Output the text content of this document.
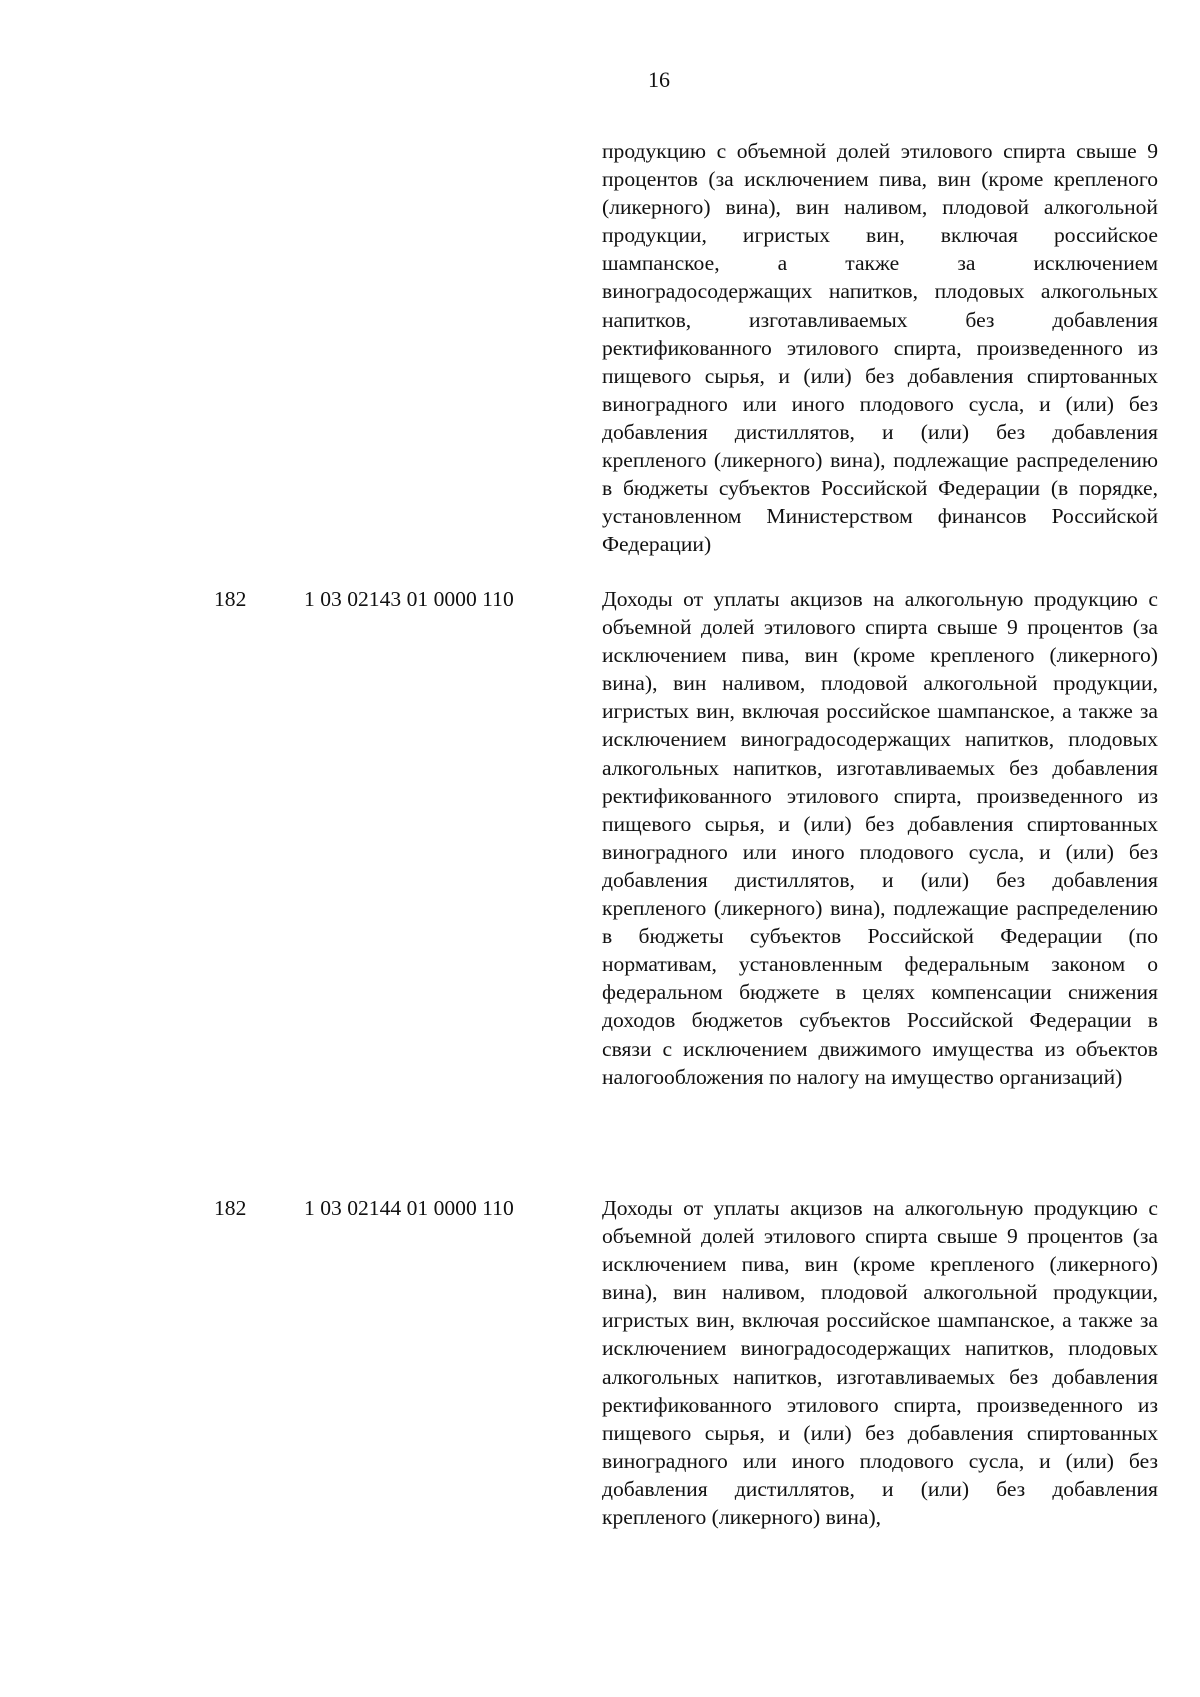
16

продукцию с объемной долей этилового спирта свыше 9 процентов (за исключением пива, вин (кроме крепленого (ликерного) вина), вин наливом, плодовой алкогольной продукции, игристых вин, включая российское шампанское, а также за исключением виноградосодержащих напитков, плодовых алкогольных напитков, изготавливаемых без добавления ректификованного этилового спирта, произведенного из пищевого сырья, и (или) без добавления спиртованных виноградного или иного плодового сусла, и (или) без добавления дистиллятов, и (или) без добавления крепленого (ликерного) вина), подлежащие распределению в бюджеты субъектов Российской Федерации (в порядке, установленном Министерством финансов Российской Федерации)

182	1 03 02143 01 0000 110	Доходы от уплаты акцизов на алкогольную продукцию с объемной долей этилового спирта свыше 9 процентов (за исключением пива, вин (кроме крепленого (ликерного) вина), вин наливом, плодовой алкогольной продукции, игристых вин, включая российское шампанское, а также за исключением виноградосодержащих напитков, плодовых алкогольных напитков, изготавливаемых без добавления ректификованного этилового спирта, произведенного из пищевого сырья, и (или) без добавления спиртованных виноградного или иного плодового сусла, и (или) без добавления дистиллятов, и (или) без добавления крепленого (ликерного) вина), подлежащие распределению в бюджеты субъектов Российской Федерации (по нормативам, установленным федеральным законом о федеральном бюджете в целях компенсации снижения доходов бюджетов субъектов Российской Федерации в связи с исключением движимого имущества из объектов налогообложения по налогу на имущество организаций)

182	1 03 02144 01 0000 110	Доходы от уплаты акцизов на алкогольную продукцию с объемной долей этилового спирта свыше 9 процентов (за исключением пива, вин (кроме крепленого (ликерного) вина), вин наливом, плодовой алкогольной продукции, игристых вин, включая российское шампанское, а также за исключением виноградосодержащих напитков, плодовых алкогольных напитков, изготавливаемых без добавления ректификованного этилового спирта, произведенного из пищевого сырья, и (или) без добавления спиртованных виноградного или иного плодового сусла, и (или) без добавления дистиллятов, и (или) без добавления крепленого (ликерного) вина),
